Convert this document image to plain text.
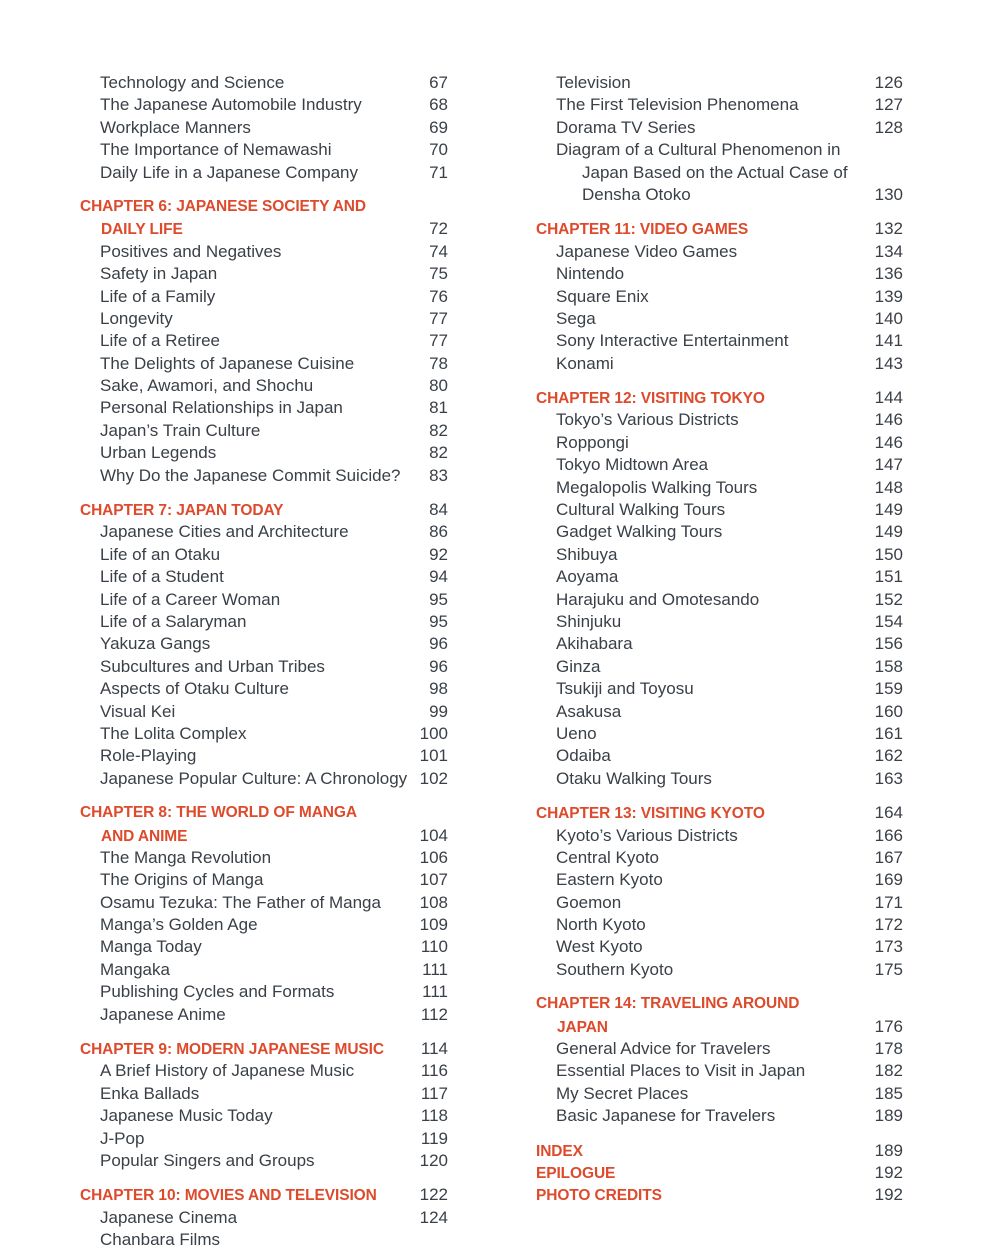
Technology and Science	67
The Japanese Automobile Industry	68
Workplace Manners	69
The Importance of Nemawashi	70
Daily Life in a Japanese Company	71
CHAPTER 6: JAPANESE SOCIETY AND
DAILY LIFE	72
Positives and Negatives	74
Safety in Japan	75
Life of a Family	76
Longevity	77
Life of a Retiree	77
The Delights of Japanese Cuisine	78
Sake, Awamori, and Shochu	80
Personal Relationships in Japan	81
Japan’s Train Culture	82
Urban Legends	82
Why Do the Japanese Commit Suicide?	83
CHAPTER 7: JAPAN TODAY	84
Japanese Cities and Architecture	86
Life of an Otaku	92
Life of a Student	94
Life of a Career Woman	95
Life of a Salaryman	95
Yakuza Gangs	96
Subcultures and Urban Tribes	96
Aspects of Otaku Culture	98
Visual Kei	99
The Lolita Complex	100
Role-Playing	101
Japanese Popular Culture: A Chronology 102
CHAPTER 8: THE WORLD OF MANGA
AND ANIME	104
The Manga Revolution	106
The Origins of Manga	107
Osamu Tezuka: The Father of Manga	108
Manga’s Golden Age	109
Manga Today	110
Mangaka	111
Publishing Cycles and Formats	111
Japanese Anime	112
CHAPTER 9: MODERN JAPANESE MUSIC	114
A Brief History of Japanese Music	116
Enka Ballads	117
Japanese Music Today	118
J-Pop	119
Popular Singers and Groups	120
CHAPTER 10: MOVIES AND TELEVISION	122
Japanese Cinema	124
Chanbara Films
Television	126
The First Television Phenomena	127
Dorama TV Series	128
Diagram of a Cultural Phenomenon in
Japan Based on the Actual Case of
Densha Otoko	130
CHAPTER 11: VIDEO GAMES	132
Japanese Video Games	134
Nintendo	136
Square Enix	139
Sega	140
Sony Interactive Entertainment	141
Konami	143
CHAPTER 12: VISITING TOKYO	144
Tokyo’s Various Districts	146
Roppongi	146
Tokyo Midtown Area	147
Megalopolis Walking Tours	148
Cultural Walking Tours	149
Gadget Walking Tours	149
Shibuya	150
Aoyama	151
Harajuku and Omotesando	152
Shinjuku	154
Akihabara	156
Ginza	158
Tsukiji and Toyosu	159
Asakusa	160
Ueno	161
Odaiba	162
Otaku Walking Tours	163
CHAPTER 13: VISITING KYOTO	164
Kyoto’s Various Districts	166
Central Kyoto	167
Eastern Kyoto	169
Goemon	171
North Kyoto	172
West Kyoto	173
Southern Kyoto	175
CHAPTER 14: TRAVELING AROUND
JAPAN	176
General Advice for Travelers	178
Essential Places to Visit in Japan	182
My Secret Places	185
Basic Japanese for Travelers	189
INDEX	189
EPILOGUE	192
PHOTO CREDITS	192
